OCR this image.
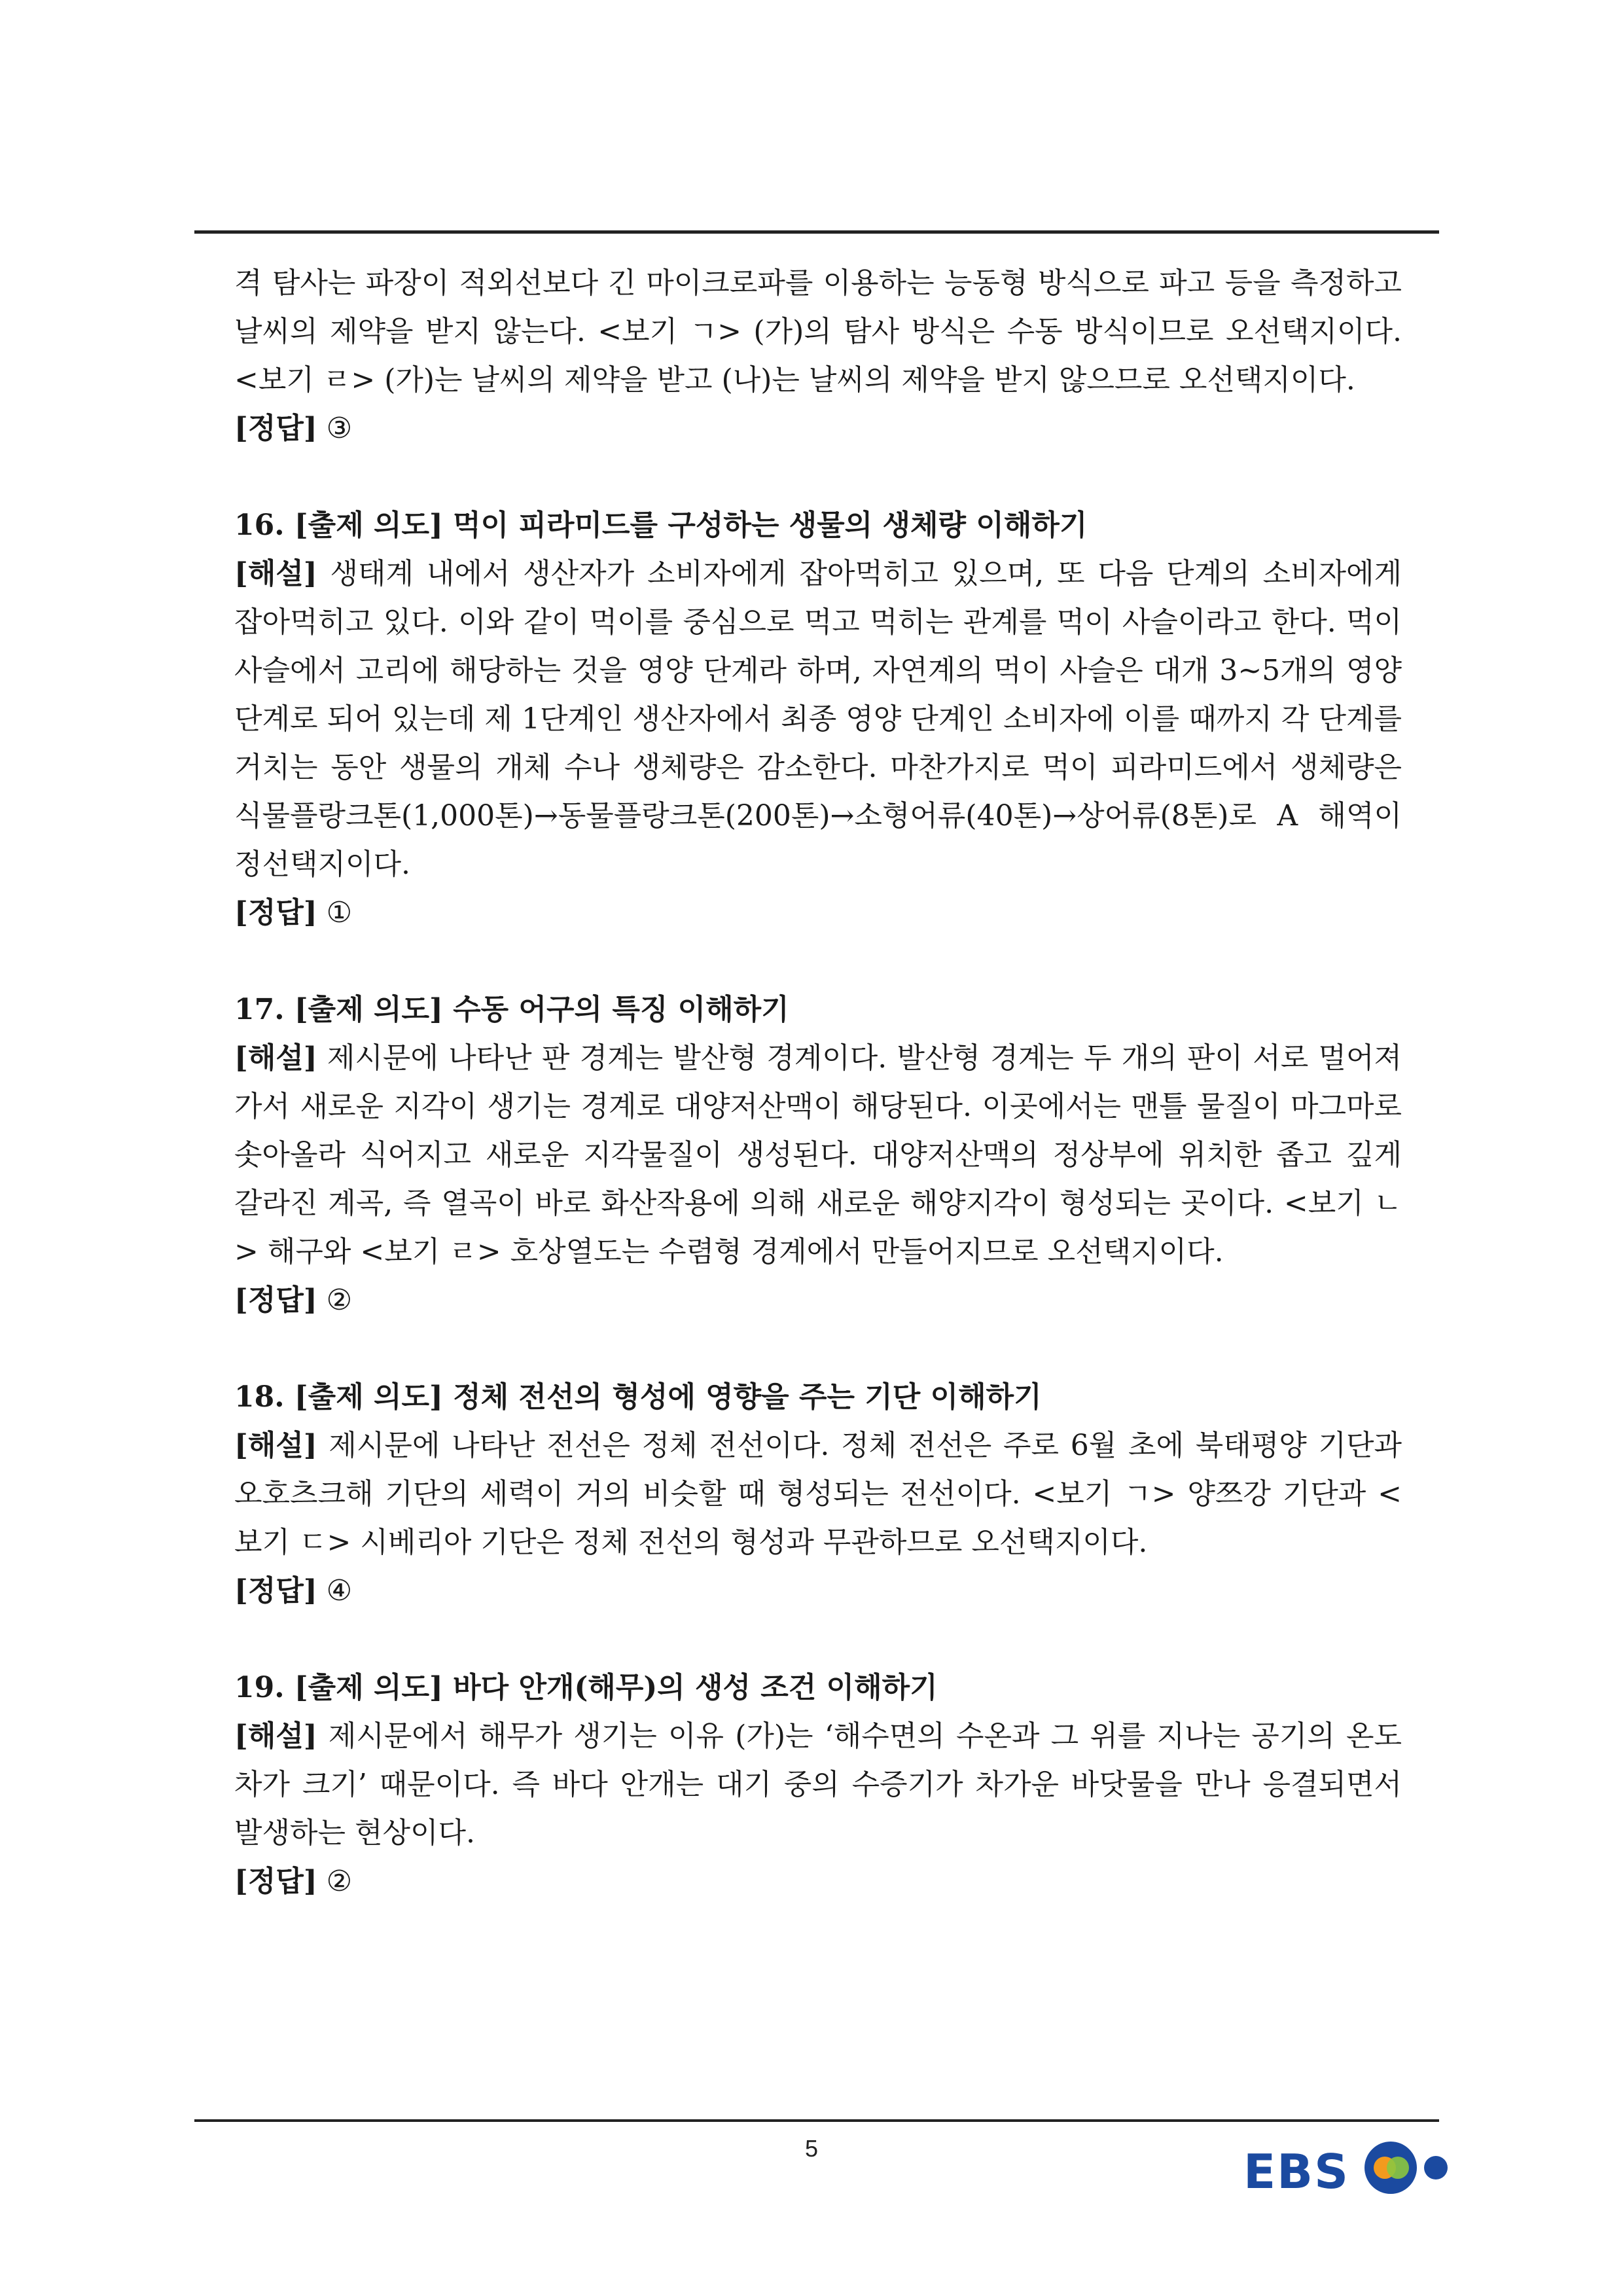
격 탐사는 파장이 적외선보다 긴 마이크로파를 이용하는 능동형 방식으로 파고 등을 측정하고 날씨의 제약을 받지 않는다. <보기 ㄱ> (가)의 탐사 방식은 수동 방식이므로 오선택지이다. <보기 ㄹ> (가)는 날씨의 제약을 받고 (나)는 날씨의 제약을 받지 않으므로 오선택지이다.

[정답] ③

16. [출제 의도] 먹이 피라미드를 구성하는 생물의 생체량 이해하기

[해설] 생태계 내에서 생산자가 소비자에게 잡아먹히고 있으며, 또 다음 단계의 소비자에게 잡아먹히고 있다. 이와 같이 먹이를 중심으로 먹고 먹히는 관계를 먹이 사슬이라고 한다. 먹이 사슬에서 고리에 해당하는 것을 영양 단계라 하며, 자연계의 먹이 사슬은 대개 3~5개의 영양 단계로 되어 있는데 제 1단계인 생산자에서 최종 영양 단계인 소비자에 이를 때까지 각 단계를 거치는 동안 생물의 개체 수나 생체량은 감소한다. 마찬가지로 먹이 피라미드에서 생체량은 식물플랑크톤(1,000톤)→동물플랑크톤(200톤)→소형어류(40톤)→상어류(8톤)로 A 해역이 정선택지이다.

[정답] ①

17. [출제 의도] 수동 어구의 특징 이해하기

[해설] 제시문에 나타난 판 경계는 발산형 경계이다. 발산형 경계는 두 개의 판이 서로 멀어져 가서 새로운 지각이 생기는 경계로 대양저산맥이 해당된다. 이곳에서는 맨틀 물질이 마그마로 솟아올라 식어지고 새로운 지각물질이 생성된다. 대양저산맥의 정상부에 위치한 좁고 깊게 갈라진 계곡, 즉 열곡이 바로 화산작용에 의해 새로운 해양지각이 형성되는 곳이다. <보기 ㄴ> 해구와 <보기 ㄹ> 호상열도는 수렴형 경계에서 만들어지므로 오선택지이다.

[정답] ②

18. [출제 의도] 정체 전선의 형성에 영향을 주는 기단 이해하기

[해설] 제시문에 나타난 전선은 정체 전선이다. 정체 전선은 주로 6월 초에 북태평양 기단과 오호츠크해 기단의 세력이 거의 비슷할 때 형성되는 전선이다. <보기 ㄱ> 양쯔강 기단과 <보기 ㄷ> 시베리아 기단은 정체 전선의 형성과 무관하므로 오선택지이다.

[정답] ④

19. [출제 의도] 바다 안개(해무)의 생성 조건 이해하기

[해설] 제시문에서 해무가 생기는 이유 (가)는 ‘해수면의 수온과 그 위를 지나는 공기의 온도 차가 크기’ 때문이다. 즉 바다 안개는 대기 중의 수증기가 차가운 바닷물을 만나 응결되면서 발생하는 현상이다.

[정답] ②

5	EBS
